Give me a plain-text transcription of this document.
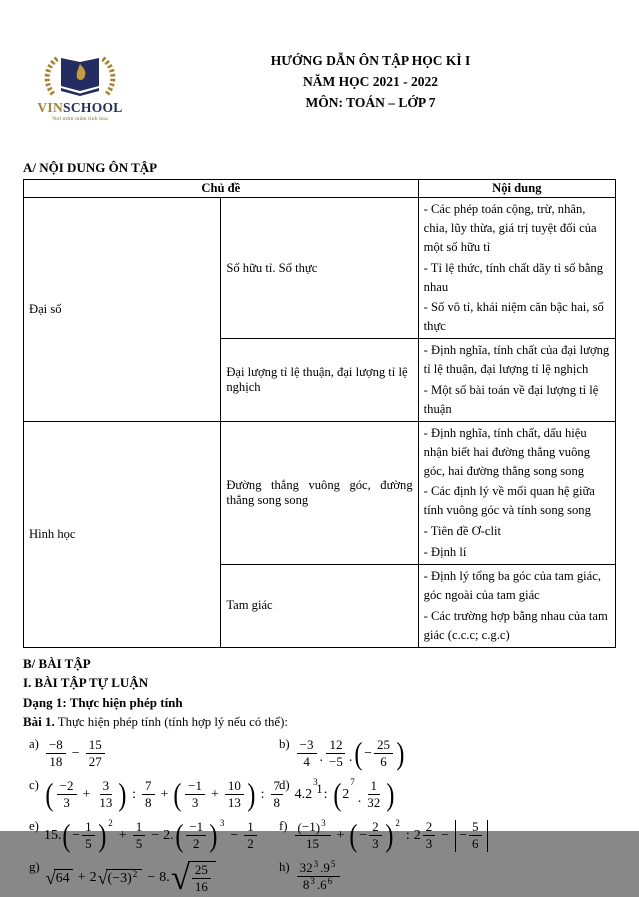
VINSCHOOL
Nơi ươm mầm tinh hoa
HƯỚNG DẪN ÔN TẬP HỌC KÌ I
NĂM HỌC 2021 - 2022
MÔN: TOÁN – LỚP 7
A/ NỘI DUNG ÔN TẬP
Chủ đề		Nội dung
Đại số	Số hữu tỉ. Số thực	- Các phép toán cộng, trừ, nhân, chia, lũy thừa, giá trị tuyệt đối của một số hữu tỉ
- Tỉ lệ thức, tính chất dãy tỉ số bằng nhau
- Số vô tỉ, khái niệm căn bậc hai, số thực

	Đại lượng tỉ lệ thuận, đại lượng tỉ lệ nghịch	- Định nghĩa, tính chất của đại lượng tỉ lệ thuận, đại lượng tỉ lệ nghịch
- Một số bài toán về đại lượng tỉ lệ thuận

Hình học	Đường thẳng vuông góc, đường thẳng song song	- Định nghĩa, tính chất, dấu hiệu nhận biết hai đường thẳng vuông góc, hai đường thẳng song song
- Các định lý về mối quan hệ giữa tính vuông góc và tính song song
- Tiên đề Ơ-clit
- Định lí

	Tam giác	- Định lý tổng ba góc của tam giác, góc ngoài của tam giác
- Các trường hợp bằng nhau của tam giác (c.c.c; c.g.c)
B/ BÀI TẬP
I. BÀI TẬP TỰ LUẬN
Dạng 1: Thực hiện phép tính
Bài 1. Thực hiện phép tính (tính hợp lý nếu có thể):
$a) \frac{-8}{18} - \frac{15}{27}$	$b) \frac{-3}{4}$ . $\frac{12}{-5}$ . ( − $\frac{25}{6}$ )
c) ( $\frac{-2}{3} + \frac{3}{13}$ ) : $\frac{7}{8}$ + ( $\frac{-1}{3} + \frac{10}{13}$ ) : $\frac{7}{8}$
d)
4.2
3
: ( 2
7
. $\frac{1}{32}$ )
e)
15. ( − $\frac{1}{5}$ ) 2
+ $\frac{1}{5} - 2$. ( $\frac{-1}{2}$ ) 3
− $\frac{1}{2} f) \frac{( -1 ) 3}{15}$ + ( − $\frac{2}{3}$ ) 2
: $2 \frac{2}{3}$ − − $\frac{5}{6}$
g)
√ 64 + 2 √ ( −3 ) 2 − 8. √ $\frac{25}{16}$	$h) \frac{32 3 .9 5}{8 3 .6 6}$
1
